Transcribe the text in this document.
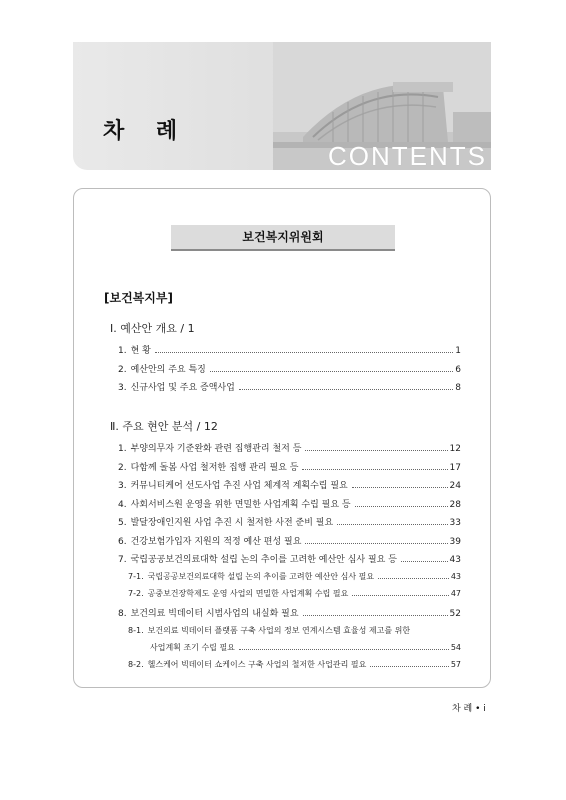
차 례
CONTENTS
보건복지위원회
[보건복지부]
Ⅰ. 예산안 개요 / 1
1. 현 황	1
2. 예산안의 주요 특징	6
3. 신규사업 및 주요 증액사업	8
Ⅱ. 주요 현안 분석 / 12
1. 부양의무자 기준완화 관련 집행관리 철저 등	12
2. 다함께 돌봄 사업 철저한 집행 관리 필요 등	17
3. 커뮤니티케어 선도사업 추진 사업 체계적 계획수립 필요	24
4. 사회서비스원 운영을 위한 면밀한 사업계획 수립 필요 등	28
5. 발달장애인지원 사업 추진 시 철저한 사전 준비 필요	33
6. 건강보험가입자 지원의 적정 예산 편성 필요	39
7. 국립공공보건의료대학 설립 논의 추이를 고려한 예산안 심사 필요 등	43
7-1. 국립공공보건의료대학 설립 논의 추이를 고려한 예산안 심사 필요	43
7-2. 공중보건장학제도 운영 사업의 면밀한 사업계획 수립 필요	47
8. 보건의료 빅데이터 시범사업의 내실화 필요	52
8-1. 보건의료 빅데이터 플랫폼 구축 사업의 정보 연계시스템 효율성 제고를 위한
사업계획 조기 수립 필요	54
8-2. 헬스케어 빅데이터 쇼케이스 구축 사업의 철저한 사업관리 필요	57
차 례 • i
